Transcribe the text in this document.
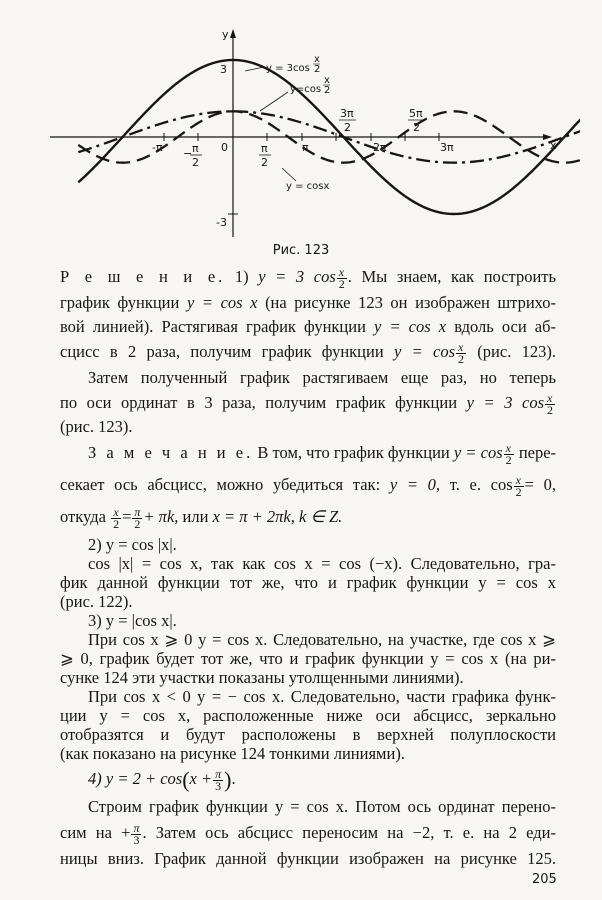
y
x
3
-3
0
-π − π
2
π
2
π
3π
2
2π
5π
2
3π
y = 3cos
x
2
y=cos
x
2
y = cosx
Рис. 123
Р е ш е н и е. 1) y = 3 $\cos \frac{x}{2}$ . Мы знаем, как построить
график функции y = cos x (на рисунке 123 он изображен штрихо-
вой линией). Растягивая график функции y = cos x вдоль оси аб-
сцисс в 2 раза, получим график функции $y = \cos \frac{x}{2} (рис$. 123).
Затем полученный график растягиваем еще раз, но теперь
по оси ординат в 3 раза, получим график функции y = 3 $\cos \frac{x}{2}$
(рис. 123).
З а м е ч а н и е. В том, что график функции $y = \cos \frac{x}{2}$ пере-
секает ось абсцисс, можно убедиться так: y = 0, т. е. $\cos \frac{x}{2} = 0$,
откуда $\frac{x}{2} = \frac{\pi}{2} + \pi k$, или x = π + 2πk, k ∈ Z.
2) y = cos |x|.
cos |x| = cos x, так как cos x = cos (−x). Следовательно, гра-
фик данной функции тот же, что и график функции y = cos x
(рис. 122).
3) y = |cos x|.
При cos x ⩾ 0 y = cos x. Следовательно, на участке, где cos x ⩾
⩾ 0, график будет тот же, что и график функции y = cos x (на ри-
сунке 124 эти участки показаны утолщенными линиями).
При cos x < 0 y = − cos x. Следовательно, части графика функ-
ции y = cos x, расположенные ниже оси абсцисс, зеркально
отобразятся и будут расположены в верхней полуплоскости
(как показано на рисунке 124 тонкими линиями).
4) $y = 2 + \cos(x + \frac{\pi}{3}$ ).
Строим график функции y = cos x. Потом ось ординат перено-
сим на + $\frac{\pi}{3}$ . Затем ось абсцисс переносим на −2, т. е. на 2 еди-
ницы вниз. График данной функции изображен на рисунке 125.
205
